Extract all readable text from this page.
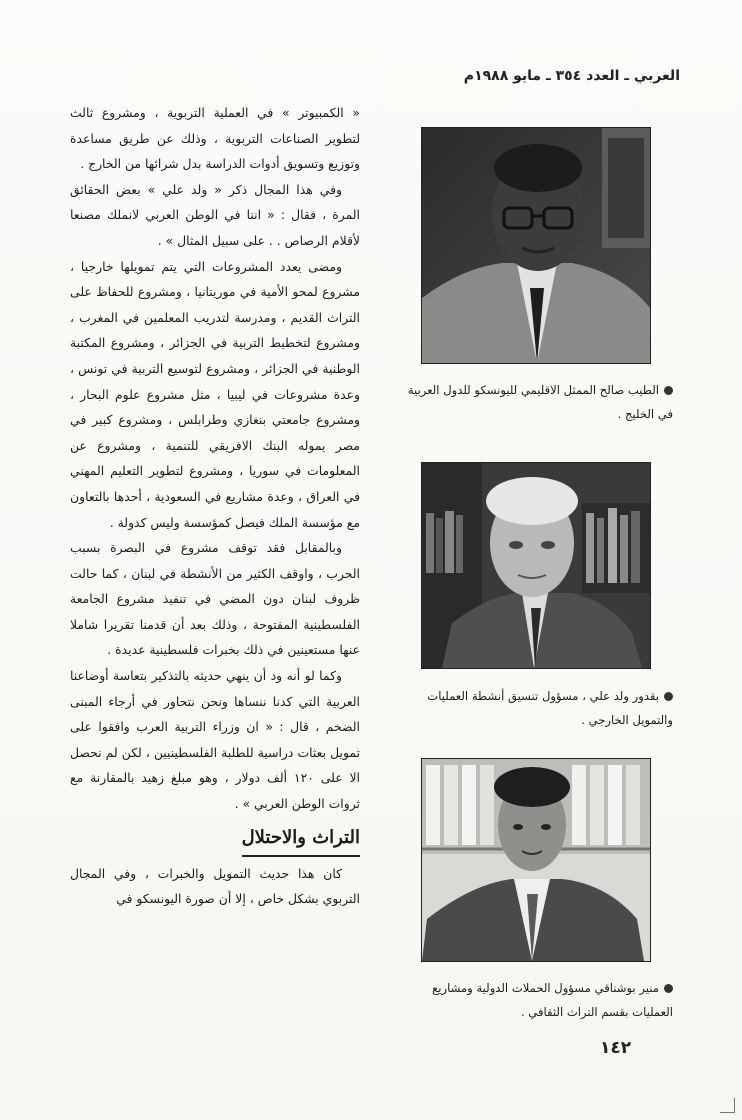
العربي ـ العدد ٣٥٤ ـ مايو ١٩٨٨م

« الكمبيوتر » في العملية التربوية ، ومشروع ثالث لتطوير الصناعات التربوية ، وذلك عن طريق مساعدة وتوزيع وتسويق أدوات الدراسة بدل شرائها من الخارج .

وفي هذا المجال ذكر « ولد علي » بعض الحقائق المرة ، فقال : « اننا في الوطن العربي لانملك مصنعا لأقلام الرصاص . . على سبيل المثال » .

ومضى يعدد المشروعات التي يتم تمويلها خارجيا ، مشروع لمحو الأمية في موريتانيا ، ومشروع للحفاظ على التراث القديم ، ومدرسة لتدريب المعلمين في المغرب ، ومشروع لتخطيط التربية في الجزائر ، ومشروع المكتبة الوطنية في الجزائر ، ومشروع لتوسيع التربية في تونس ، وعدة مشروعات في ليبيا ، مثل مشروع علوم البحار ، ومشروع جامعتي بنغازي وطرابلس ، ومشروع كبير في مصر يموله البنك الافريقي للتنمية ، ومشروع عن المعلومات في سوريا ، ومشروع لتطوير التعليم المهني في العراق ، وعدة مشاريع في السعودية ، أحدها بالتعاون مع مؤسسة الملك فيصل كمؤسسة وليس كدولة .

وبالمقابل فقد توقف مشروع في البصرة بسبب الحرب ، واوقف الكثير من الأنشطة في لبنان ، كما حالت ظروف لبنان دون المضي في تنفيذ مشروع الجامعة الفلسطينية المفتوحة ، وذلك بعد أن قدمنا تقريرا شاملا عنها مستعينين في ذلك بخبرات فلسطينية عديدة .

وكما لو أنه ود أن ينهي حديثه بالتذكير بتعاسة أوضاعنا العربية التي كدنا ننساها ونحن نتحاور في أرجاء المبنى الضخم ، قال : « ان وزراء التربية العرب وافقوا على تمويل بعثات دراسية للطلبة الفلسطينيين ، لكن لم نحصل الا على ١٢٠ ألف دولار ، وهو مبلغ زهيد بالمقارنة مع ثروات الوطن العربي » .

التراث والاحتلال

كان هذا حديث التمويل والخبرات ، وفي المجال التربوي بشكل خاص ، إلا أن صورة اليونسكو في

الطيب صالح الممثل الاقليمي لليونسكو للدول العربية في الخليج .
بقدور ولد علي ، مسؤول تنسيق أنشطة العمليات والتمويل الخارجي .
منير بوشناقي مسؤول الحملات الدولية ومشاريع العمليات بقسم التراث الثقافي .
١٤٢
